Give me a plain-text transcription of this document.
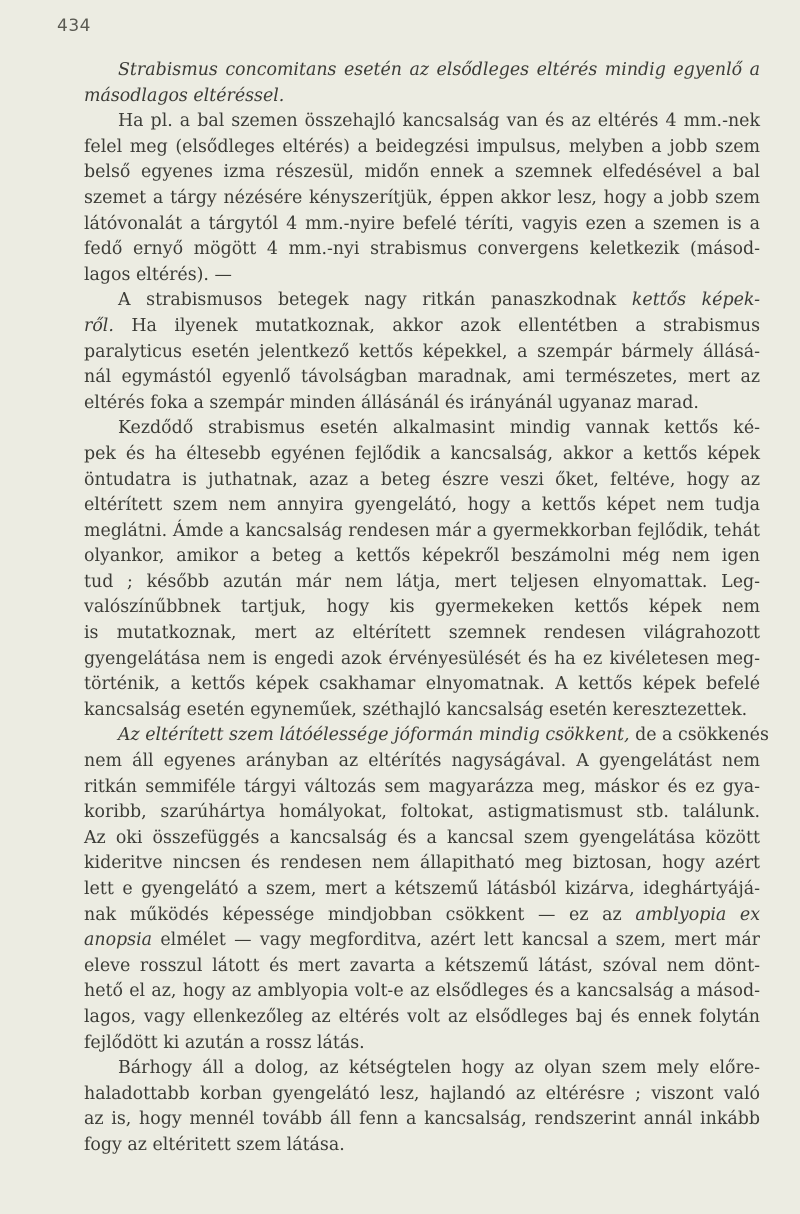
434
Strabismus concomitans esetén az elsődleges eltérés mindig egyenlő a
másodlagos eltéréssel.
Ha pl. a bal szemen összehajló kancsalság van és az eltérés 4 mm.-nek
felel meg (elsődleges eltérés) a beidegzési impulsus, melyben a jobb szem
belső egyenes izma részesül, midőn ennek a szemnek elfedésével a bal
szemet a tárgy nézésére kényszerítjük, éppen akkor lesz, hogy a jobb szem
látóvonalát a tárgytól 4 mm.-nyire befelé téríti, vagyis ezen a szemen is a
fedő ernyő mögött 4 mm.-nyi strabismus convergens keletkezik (másod-
lagos eltérés). —
A strabismusos betegek nagy ritkán panaszkodnak kettős képek-
ről. Ha ilyenek mutatkoznak, akkor azok ellentétben a strabismus
paralyticus esetén jelentkező kettős képekkel, a szempár bármely állásá-
nál egymástól egyenlő távolságban maradnak, ami természetes, mert az
eltérés foka a szempár minden állásánál és irányánál ugyanaz marad.
Kezdődő strabismus esetén alkalmasint mindig vannak kettős ké-
pek és ha éltesebb egyénen fejlődik a kancsalság, akkor a kettős képek
öntudatra is juthatnak, azaz a beteg észre veszi őket, feltéve, hogy az
eltérített szem nem annyira gyengelátó, hogy a kettős képet nem tudja
meglátni. Ámde a kancsalság rendesen már a gyermekkorban fejlődik, tehát
olyankor, amikor a beteg a kettős képekről beszámolni még nem igen
tud ; később azután már nem látja, mert teljesen elnyomattak. Leg-
valószínűbbnek tartjuk, hogy kis gyermekeken kettős képek nem
is mutatkoznak, mert az eltérített szemnek rendesen világrahozott
gyengelátása nem is engedi azok érvényesülését és ha ez kivéletesen meg-
történik, a kettős képek csakhamar elnyomatnak. A kettős képek befelé
kancsalság esetén egyneműek, széthajló kancsalság esetén keresztezettek.
Az eltérített szem látóélessége jóformán mindig csökkent, de a csökkenés
nem áll egyenes arányban az eltérítés nagyságával. A gyengelátást nem
ritkán semmiféle tárgyi változás sem magyarázza meg, máskor és ez gya-
koribb, szarúhártya homályokat, foltokat, astigmatismust stb. találunk.
Az oki összefüggés a kancsalság és a kancsal szem gyengelátása között
kideritve nincsen és rendesen nem állapitható meg biztosan, hogy azért
lett e gyengelátó a szem, mert a kétszemű látásból kizárva, ideghártyájá-
nak működés képessége mindjobban csökkent — ez az amblyopia ex
anopsia elmélet — vagy megforditva, azért lett kancsal a szem, mert már
eleve rosszul látott és mert zavarta a kétszemű látást, szóval nem dönt-
hető el az, hogy az amblyopia volt-e az elsődleges és a kancsalság a másod-
lagos, vagy ellenkezőleg az eltérés volt az elsődleges baj és ennek folytán
fejlődött ki azután a rossz látás.
Bárhogy áll a dolog, az kétségtelen hogy az olyan szem mely előre-
haladottabb korban gyengelátó lesz, hajlandó az eltérésre ; viszont való
az is, hogy mennél tovább áll fenn a kancsalság, rendszerint annál inkább
fogy az eltéritett szem látása.
